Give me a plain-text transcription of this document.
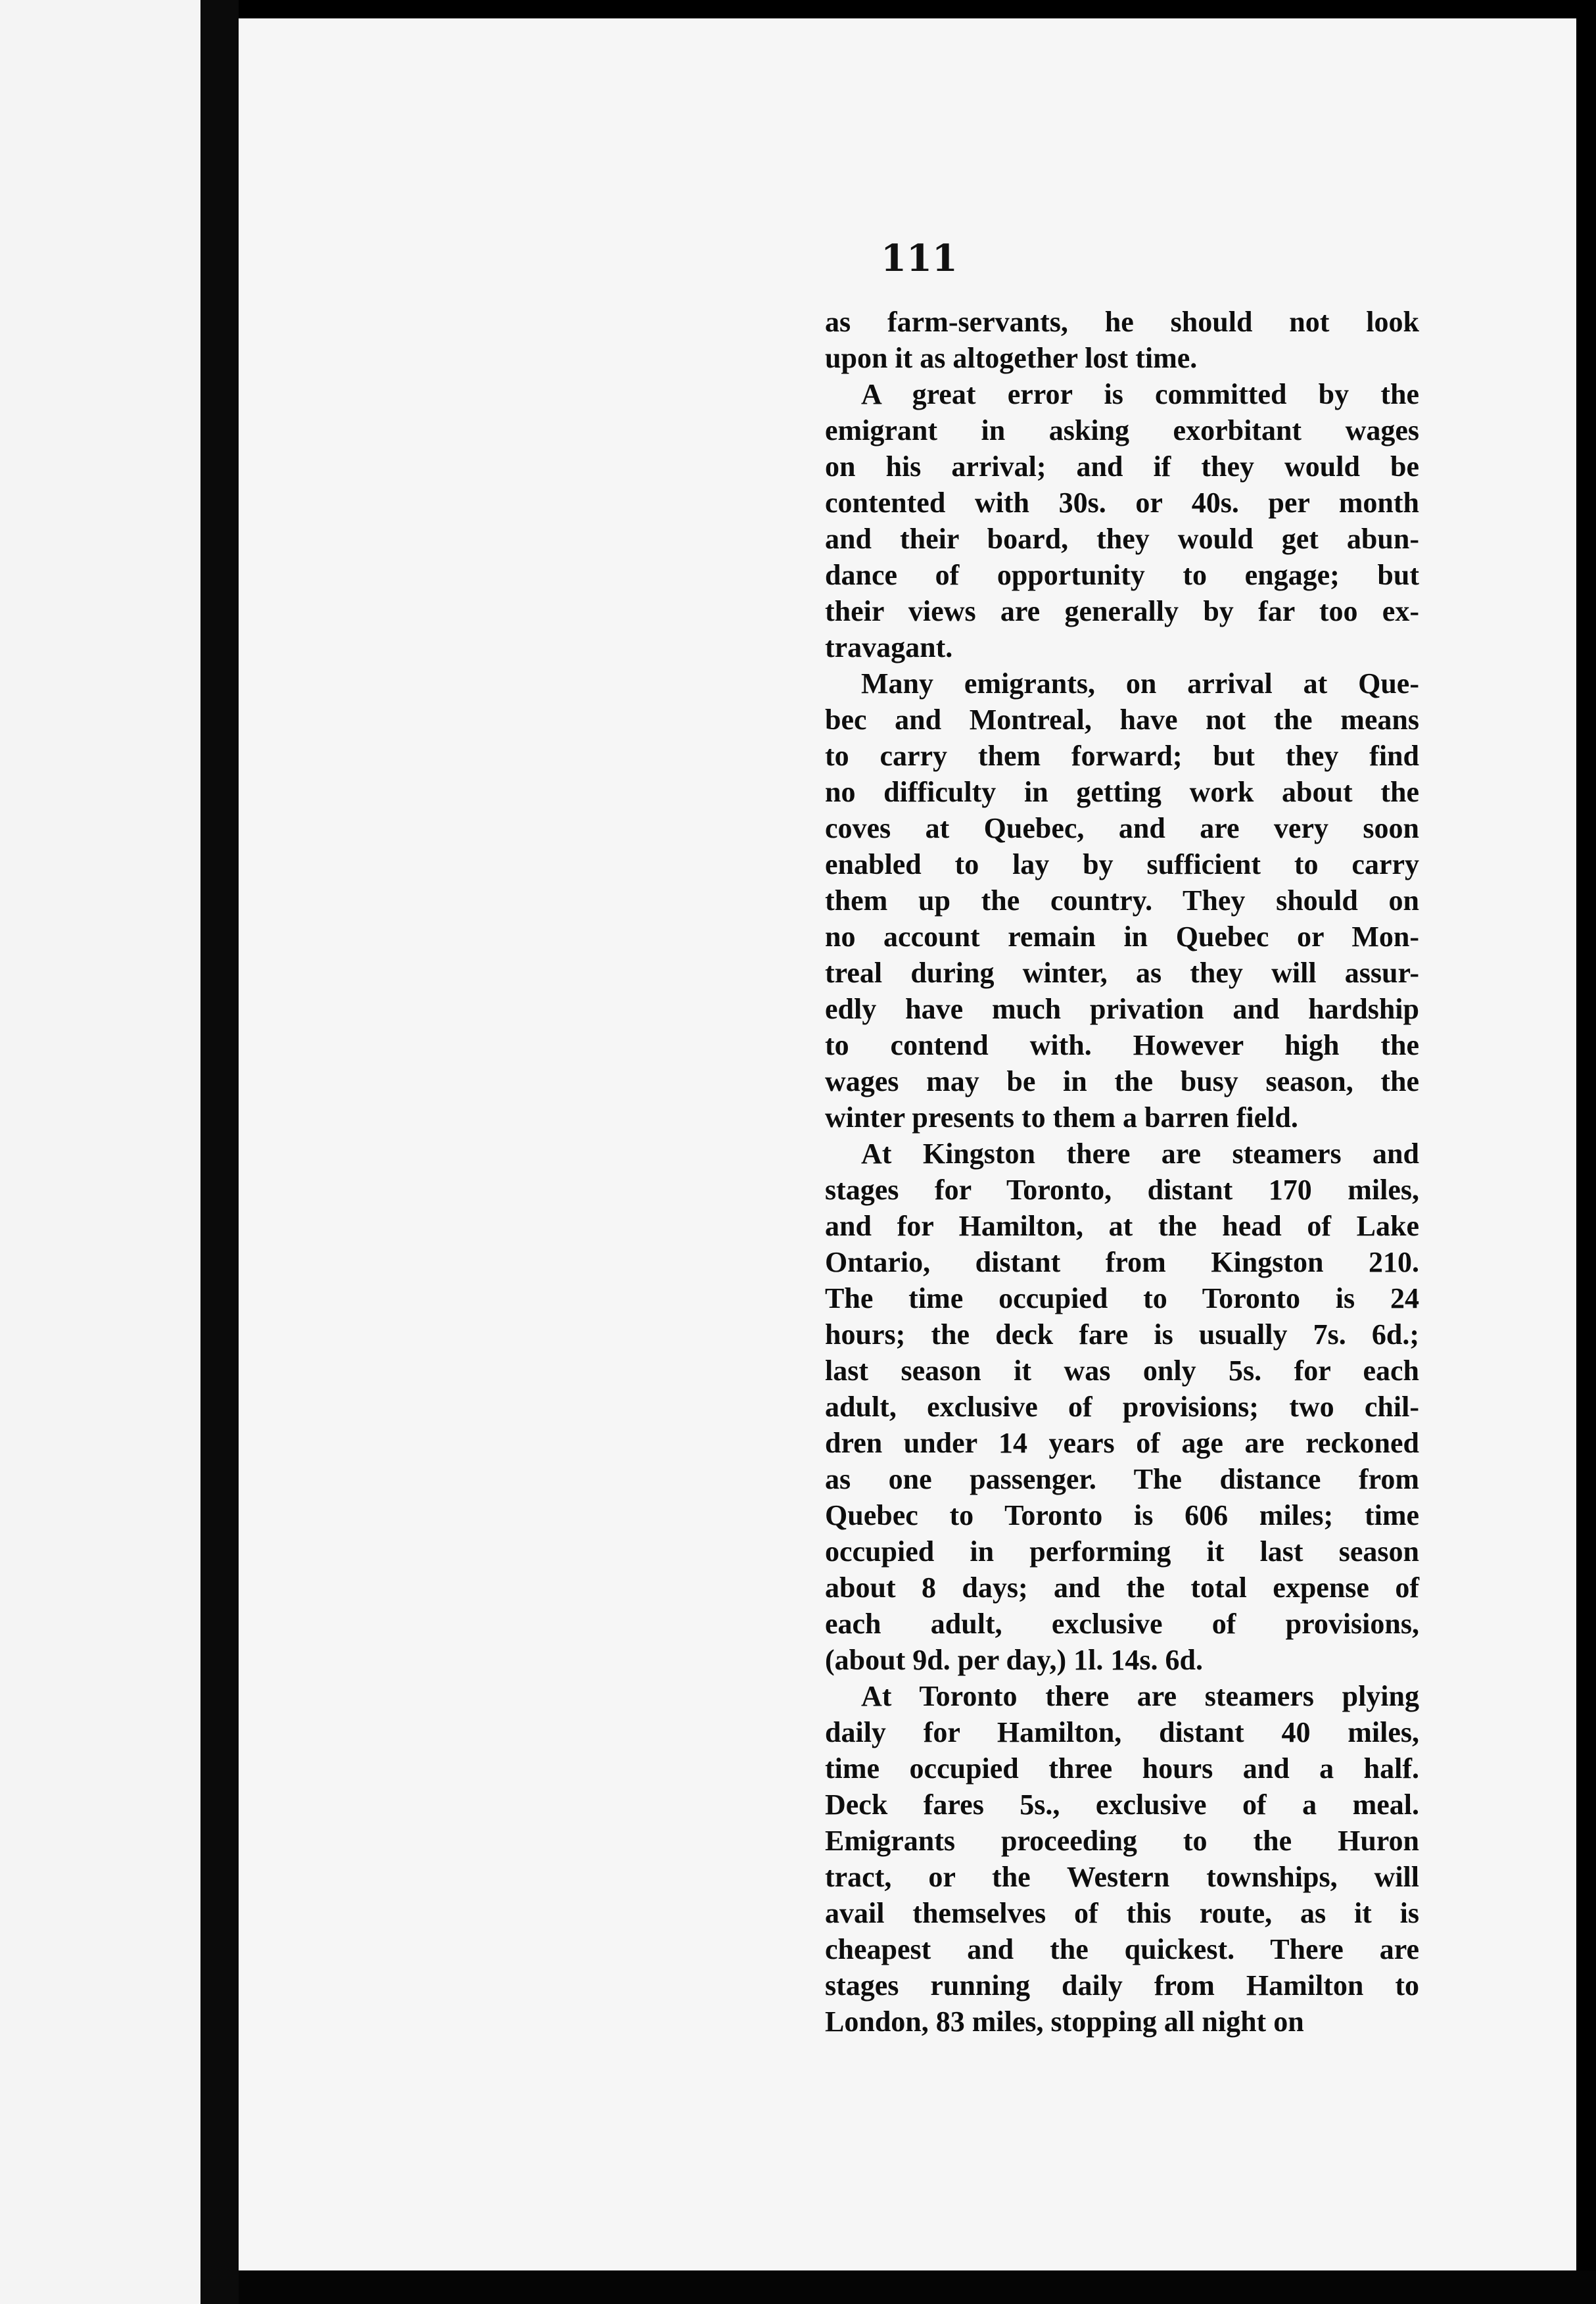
111
as farm-servants, he should not look
upon it as altogether lost time.
A great error is committed by the
emigrant in asking exorbitant wages
on his arrival; and if they would be
contented with 30s. or 40s. per month
and their board, they would get abun-
dance of opportunity to engage; but
their views are generally by far too ex-
travagant.
Many emigrants, on arrival at Que-
bec and Montreal, have not the means
to carry them forward; but they find
no difficulty in getting work about the
coves at Quebec, and are very soon
enabled to lay by sufficient to carry
them up the country. They should on
no account remain in Quebec or Mon-
treal during winter, as they will assur-
edly have much privation and hardship
to contend with. However high the
wages may be in the busy season, the
winter presents to them a barren field.
At Kingston there are steamers and
stages for Toronto, distant 170 miles,
and for Hamilton, at the head of Lake
Ontario, distant from Kingston 210.
The time occupied to Toronto is 24
hours; the deck fare is usually 7s. 6d.;
last season it was only 5s. for each
adult, exclusive of provisions; two chil-
dren under 14 years of age are reckoned
as one passenger. The distance from
Quebec to Toronto is 606 miles; time
occupied in performing it last season
about 8 days; and the total expense of
each adult, exclusive of provisions,
(about 9d. per day,) 1l. 14s. 6d.
At Toronto there are steamers plying
daily for Hamilton, distant 40 miles,
time occupied three hours and a half.
Deck fares 5s., exclusive of a meal.
Emigrants proceeding to the Huron
tract, or the Western townships, will
avail themselves of this route, as it is
cheapest and the quickest. There are
stages running daily from Hamilton to
London, 83 miles, stopping all night on
